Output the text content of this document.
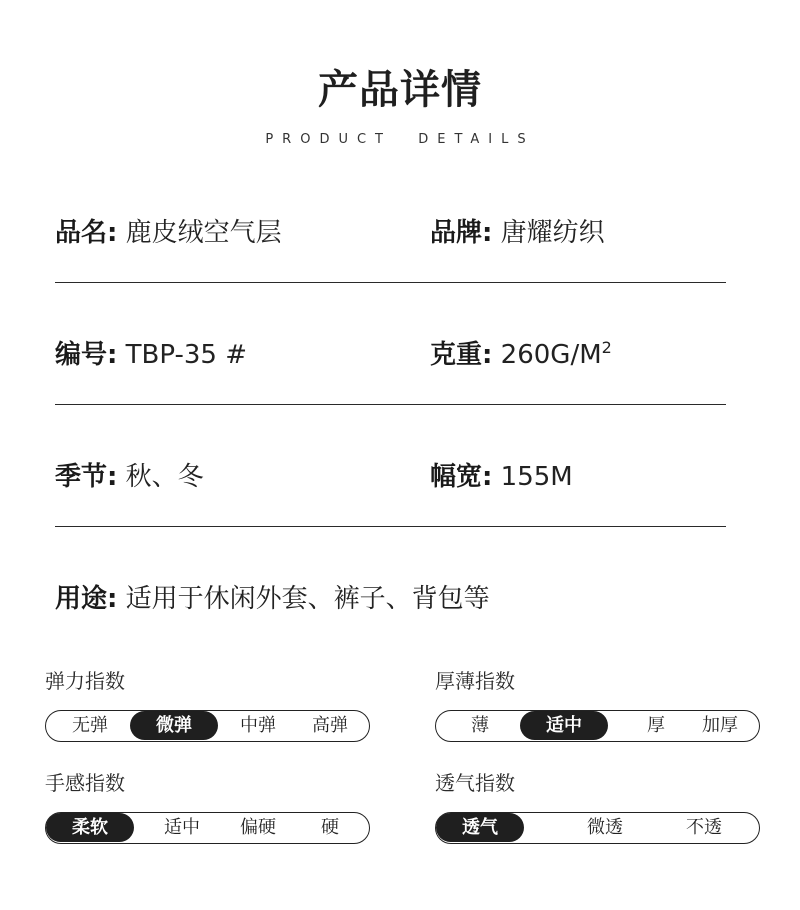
产品详情
PRODUCT  DETAILS
品名: 鹿皮绒空气层	品牌: 唐耀纺织
编号: TBP-35 #	克重: $260G/M^2$
季节: 秋、冬	幅宽: 155M
用途: 适用于休闲外套、裤子、背包等
弹力指数
无弹	微弹	中弹	高弹
厚薄指数
薄	适中	厚	加厚
手感指数
柔软	适中	偏硬	硬
透气指数
透气	微透	不透
